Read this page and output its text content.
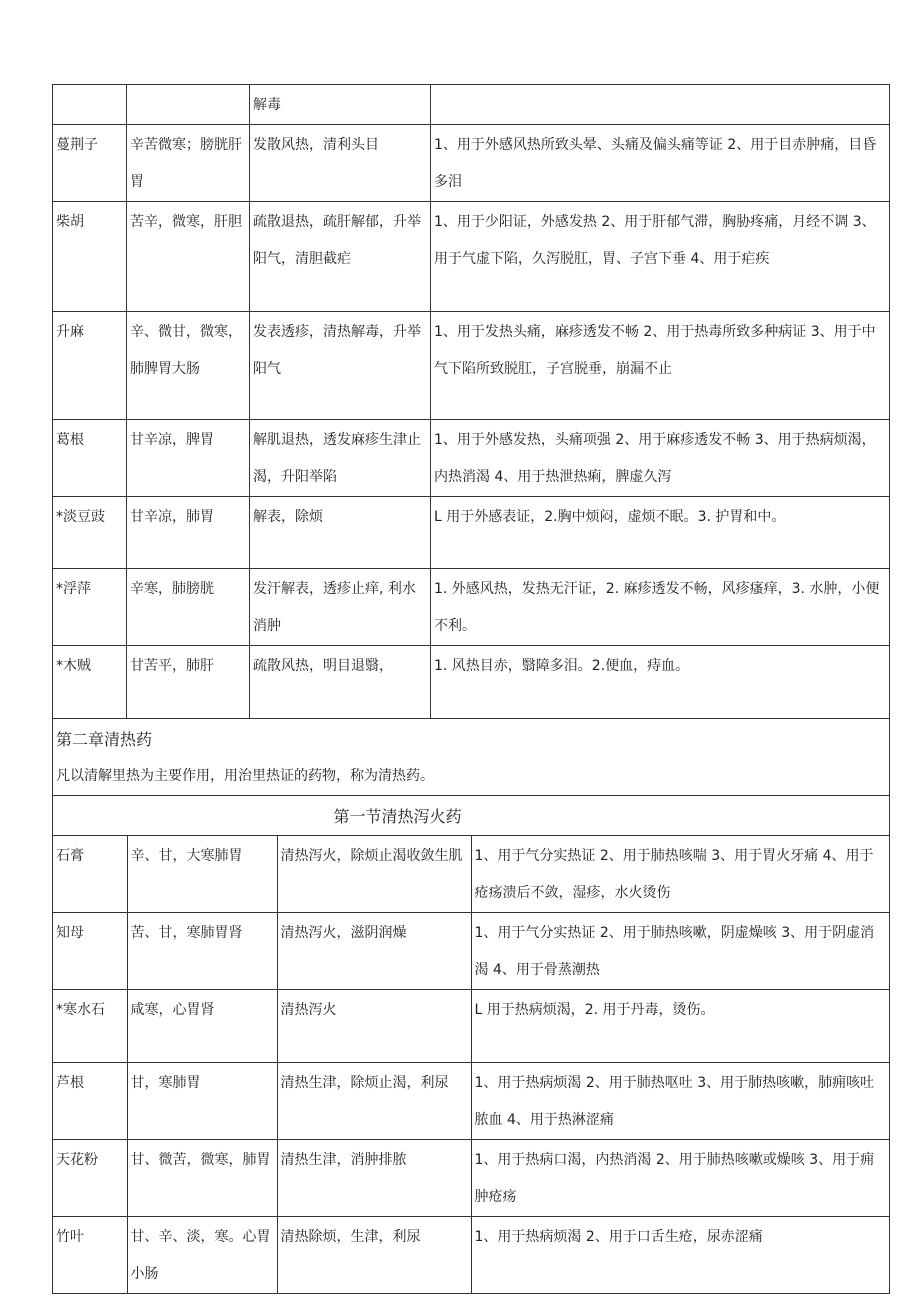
		解毒	
蔓荆子	辛苦微寒；膀胱肝胃	发散风热，清利头目	1、用于外感风热所致头晕、头痛及偏头痛等证 2、用于目赤肿痛，目昏多泪
柴胡	苦辛，微寒，肝胆	疏散退热，疏肝解郁，升举阳气，清胆截疟	1、用于少阳证，外感发热 2、用于肝郁气滞，胸胁疼痛，月经不调 3、用于气虚下陷，久泻脱肛，胃、子宫下垂 4、用于疟疾
升麻	辛、微甘，微寒，肺脾胃大肠	发表透疹，清热解毒，升举阳气	1、用于发热头痛，麻疹透发不畅 2、用于热毒所致多种病证 3、用于中气下陷所致脱肛，子宫脱垂，崩漏不止
葛根	甘辛凉，脾胃	解肌退热，透发麻疹生津止渴，升阳举陷	1、用于外感发热，头痛项强 2、用于麻疹透发不畅 3、用于热病烦渴，内热消渴 4、用于热泄热痢，脾虚久泻
*淡豆豉	甘辛凉，肺胃	解表，除烦	L 用于外感表证，2.胸中烦闷，虚烦不眠。3. 护胃和中。
*浮萍	辛寒，肺膀胱	发汗解表，透疹止痒, 利水消肿	1. 外感风热，发热无汗证，2. 麻疹透发不畅，风疹瘙痒，3. 水肿，小便不利。
*木贼	甘苦平，肺肝	疏散风热，明目退翳，	1. 风热目赤，翳障多泪。2.便血，痔血。

第二章清热药
凡以清解里热为主要作用，用治里热证的药物，称为清热药。

第一节清热泻火药

石膏	辛、甘，大寒肺胃	清热泻火，除烦止渴收敛生肌	1、用于气分实热证 2、用于肺热咳喘 3、用于胃火牙痛 4、用于疮疡溃后不敛，湿疹，水火烫伤

知母	苦、甘，寒肺胃肾	清热泻火，滋阴润燥	1、用于气分实热证 2、用于肺热咳嗽，阴虚燥咳 3、用于阴虚消渴 4、用于骨蒸潮热

*寒水石	咸寒，心胃肾	清热泻火	L 用于热病烦渴，2. 用于丹毒，烫伤。

芦根	甘，寒肺胃	清热生津，除烦止渴，利尿	1、用于热病烦渴 2、用于肺热呕吐 3、用于肺热咳嗽，肺痈咳吐脓血 4、用于热淋涩痛

天花粉	甘、微苦，微寒，肺胃	清热生津，消肿排脓	1、用于热病口渴，内热消渴 2、用于肺热咳嗽或燥咳 3、用于痈肿疮疡

竹叶	甘、辛、淡，寒。心胃小肠	清热除烦，生津，利尿	1、用于热病烦渴 2、用于口舌生疮，尿赤涩痛
